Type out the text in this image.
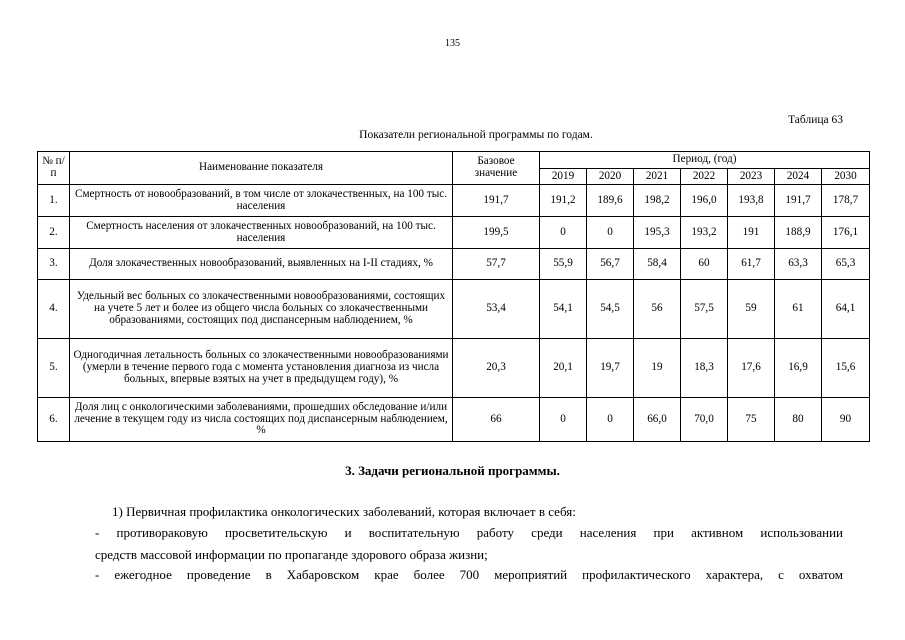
135
Таблица 63
Показатели региональной программы по годам.
№ п/п	Наименование показателя	Базовое значение	Период, (год)						
			2019	2020	2021	2022	2023	2024	2030
1.	Смертность от новообразований, в том числе от злокачественных, на 100 тыс. населения	191,7	191,2	189,6	198,2	196,0	193,8	191,7	178,7
2.	Смертность населения от злокачественных новообразований, на 100 тыс. населения	199,5	0	0	195,3	193,2	191	188,9	176,1
3.	Доля злокачественных новообразований, выявленных на I-II стадиях, %	57,7	55,9	56,7	58,4	60	61,7	63,3	65,3
4.	Удельный вес больных со злокачественными новообразованиями, состоящих на учете 5 лет и более из общего числа больных со злокачественными образованиями, состоящих под диспансерным наблюдением, %	53,4	54,1	54,5	56	57,5	59	61	64,1
5.	Одногодичная летальность больных со злокачественными новообразованиями (умерли в течение первого года с момента установления диагноза из числа больных, впервые взятых на учет в предыдущем году), %	20,3	20,1	19,7	19	18,3	17,6	16,9	15,6
6.	Доля лиц с онкологическими заболеваниями, прошедших обследование и/или лечение в текущем году из числа состоящих под диспансерным наблюдением, %	66	0	0	66,0	70,0	75	80	90
3. Задачи региональной программы.
1) Первичная профилактика онкологических заболеваний, которая включает в себя:
- противораковую просветительскую и воспитательную работу среди населения при активном использовании
средств массовой информации по пропаганде здорового образа жизни;
- ежегодное проведение в Хабаровском крае более 700 мероприятий профилактического характера, с охватом
